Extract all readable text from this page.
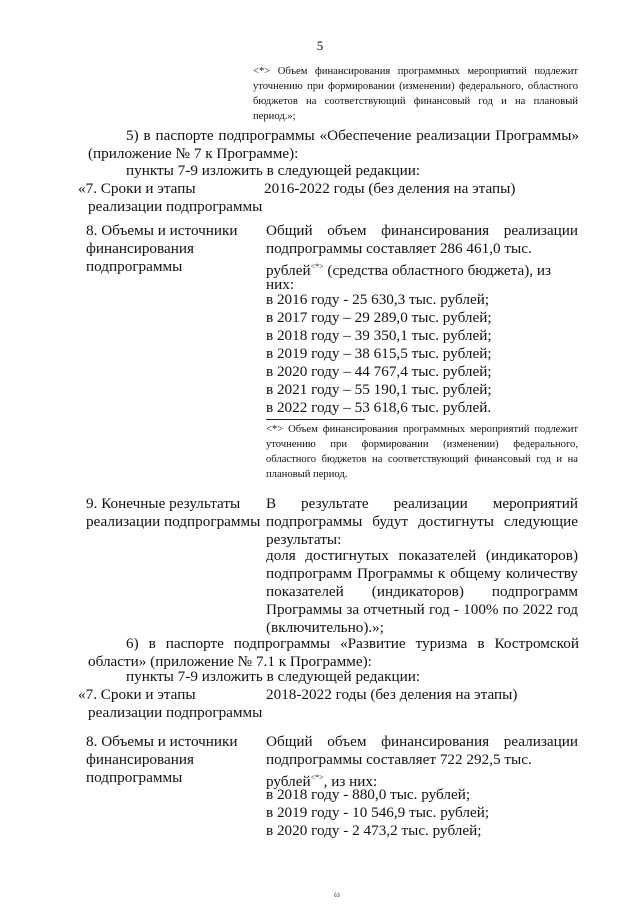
5

<*> Объем финансирования программных мероприятий подлежит уточнению при формировании (изменении) федерального, областного бюджетов на соответствующий финансовый год и на плановый период.»;

5) в паспорте подпрограммы «Обеспечение реализации Программы» (приложение № 7 к Программе):

пункты 7-9 изложить в следующей редакции:
«7. Сроки и этапы
реализации подпрограммы
2016-2022 годы (без деления на этапы)
8. Объемы и источники
финансирования
подпрограммы

Общий объем финансирования реализации подпрограммы составляет 286 461,0 тыс.

рублей<*> (средства областного бюджета), из
них:
в 2016 году - 25 630,3 тыс. рублей;
в 2017 году – 29 289,0 тыс. рублей;
в 2018 году – 39 350,1 тыс. рублей;
в 2019 году – 38 615,5 тыс. рублей;
в 2020 году – 44 767,4 тыс. рублей;
в 2021 году – 55 190,1 тыс. рублей;
в 2022 году – 53 618,6 тыс. рублей.

<*> Объем финансирования программных мероприятий подлежит уточнению при формировании (изменении) федерального, областного бюджетов на соответствующий финансовый год и на плановый период.

9. Конечные результаты
реализации подпрограммы

В результате реализации мероприятий подпрограммы будут достигнуты следующие результаты:

доля достигнутых показателей (индикаторов) подпрограмм Программы к общему количеству показателей (индикаторов) подпрограмм Программы за отчетный год - 100% по 2022 год (включительно).»;

6) в паспорте подпрограммы «Развитие туризма в Костромской области» (приложение № 7.1 к Программе):

пункты 7-9 изложить в следующей редакции:
«7. Сроки и этапы
реализации подпрограммы
2018-2022 годы (без деления на этапы)
8. Объемы и источники
финансирования
подпрограммы

Общий объем финансирования реализации подпрограммы составляет 722 292,5 тыс.

рублей<*>, из них:
в 2018 году - 880,0 тыс. рублей;
в 2019 году - 10 546,9 тыс. рублей;
в 2020 году - 2 473,2 тыс. рублей;
ω
